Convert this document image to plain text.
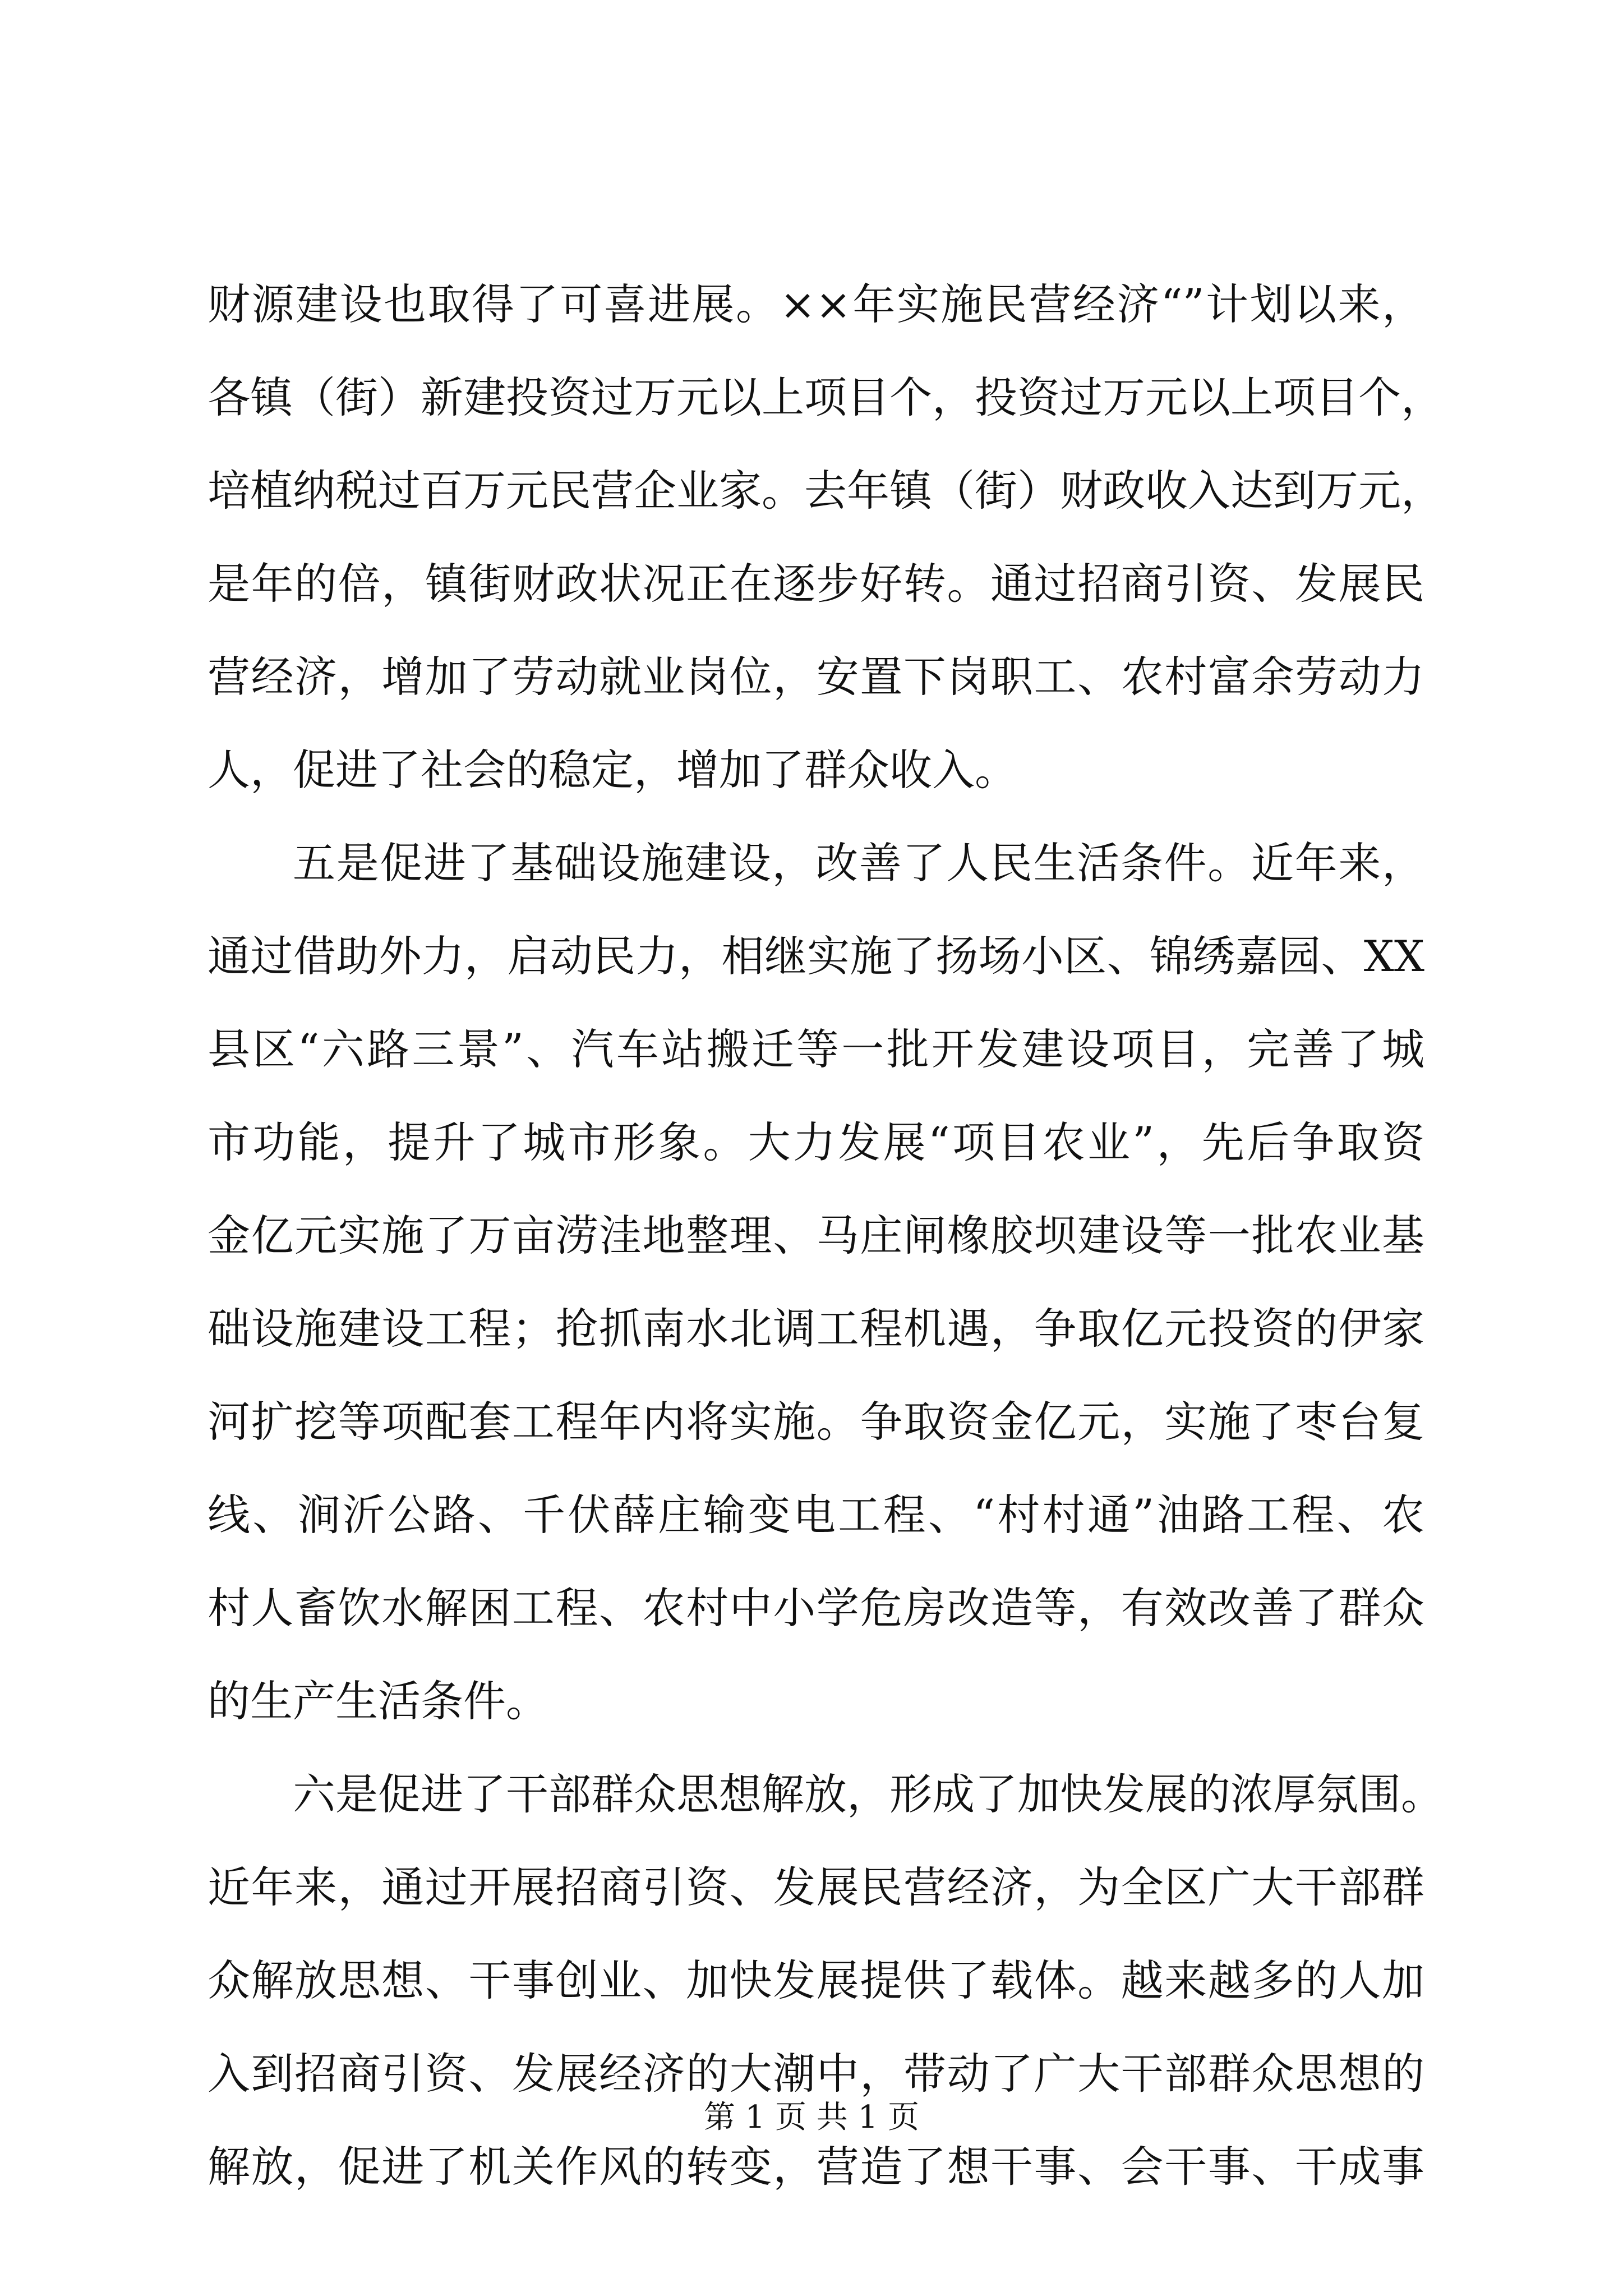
财源建设也取得了可喜进展。××年实施民营经济“”计划以来，
各镇（街）新建投资过万元以上项目个，投资过万元以上项目个，
培植纳税过百万元民营企业家。去年镇（街）财政收入达到万元，
是年的倍，镇街财政状况正在逐步好转。通过招商引资、发展民
营经济，增加了劳动就业岗位，安置下岗职工、农村富余劳动力
人，促进了社会的稳定，增加了群众收入。
五是促进了基础设施建设，改善了人民生活条件。近年来，
通过借助外力，启动民力，相继实施了扬场小区、锦绣嘉园、XX
县区“六路三景”、汽车站搬迁等一批开发建设项目，完善了城
市功能，提升了城市形象。大力发展“项目农业”，先后争取资
金亿元实施了万亩涝洼地整理、马庄闸橡胶坝建设等一批农业基
础设施建设工程；抢抓南水北调工程机遇，争取亿元投资的伊家
河扩挖等项配套工程年内将实施。争取资金亿元，实施了枣台复
线、涧沂公路、千伏薛庄输变电工程、“村村通”油路工程、农
村人畜饮水解困工程、农村中小学危房改造等，有效改善了群众
的生产生活条件。
六是促进了干部群众思想解放，形成了加快发展的浓厚氛围。
近年来，通过开展招商引资、发展民营经济，为全区广大干部群
众解放思想、干事创业、加快发展提供了载体。越来越多的人加
入到招商引资、发展经济的大潮中，带动了广大干部群众思想的
解放，促进了机关作风的转变，营造了想干事、会干事、干成事
第 1 页 共 1 页
